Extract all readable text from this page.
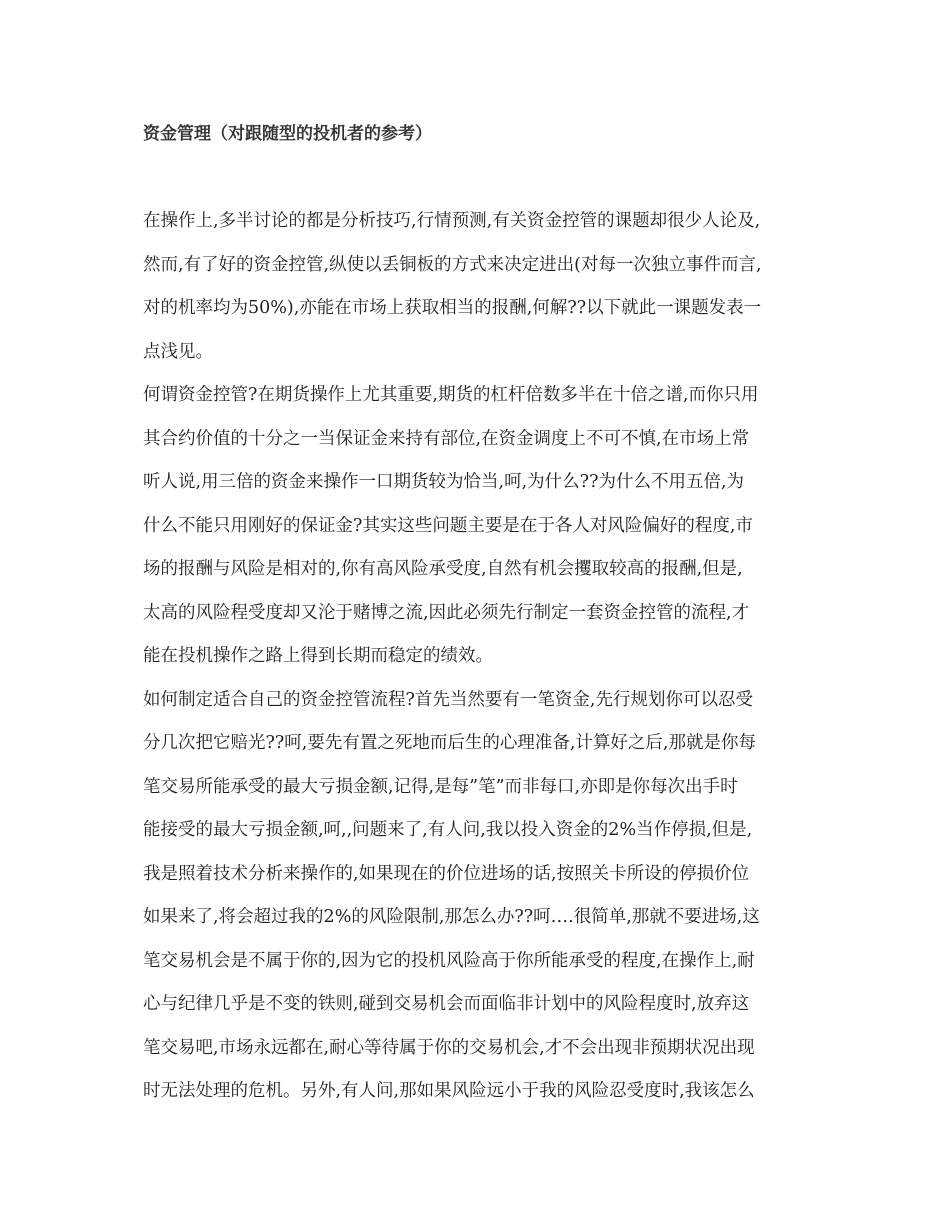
资金管理（对跟随型的投机者的参考）
在操作上,多半讨论的都是分析技巧,行情预测,有关资金控管的课题却很少人论及,
然而,有了好的资金控管,纵使以丢铜板的方式来决定进出(对每一次独立事件而言,
对的机率均为50%),亦能在市场上获取相当的报酬,何解??以下就此一课题发表一
点浅见。
何谓资金控管?在期货操作上尤其重要,期货的杠杆倍数多半在十倍之谱,而你只用
其合约价值的十分之一当保证金来持有部位,在资金调度上不可不慎,在市场上常
听人说,用三倍的资金来操作一口期货较为恰当,呵,为什么??为什么不用五倍,为
什么不能只用刚好的保证金?其实这些问题主要是在于各人对风险偏好的程度,市
场的报酬与风险是相对的,你有高风险承受度,自然有机会攫取较高的报酬,但是,
太高的风险程受度却又沦于赌博之流,因此必须先行制定一套资金控管的流程,才
能在投机操作之路上得到长期而稳定的绩效。
如何制定适合自己的资金控管流程?首先当然要有一笔资金,先行规划你可以忍受
分几次把它赔光??呵,要先有置之死地而后生的心理准备,计算好之后,那就是你每
笔交易所能承受的最大亏损金额,记得,是每”笔”而非每口,亦即是你每次出手时
能接受的最大亏损金额,呵,,问题来了,有人问,我以投入资金的2%当作停损,但是,
我是照着技术分析来操作的,如果现在的价位进场的话,按照关卡所设的停损价位
如果来了,将会超过我的2%的风险限制,那怎么办??呵….很简单,那就不要进场,这
笔交易机会是不属于你的,因为它的投机风险高于你所能承受的程度,在操作上,耐
心与纪律几乎是不变的铁则,碰到交易机会而面临非计划中的风险程度时,放弃这
笔交易吧,市场永远都在,耐心等待属于你的交易机会,才不会出现非预期状况出现
时无法处理的危机。另外,有人问,那如果风险远小于我的风险忍受度时,我该怎么
